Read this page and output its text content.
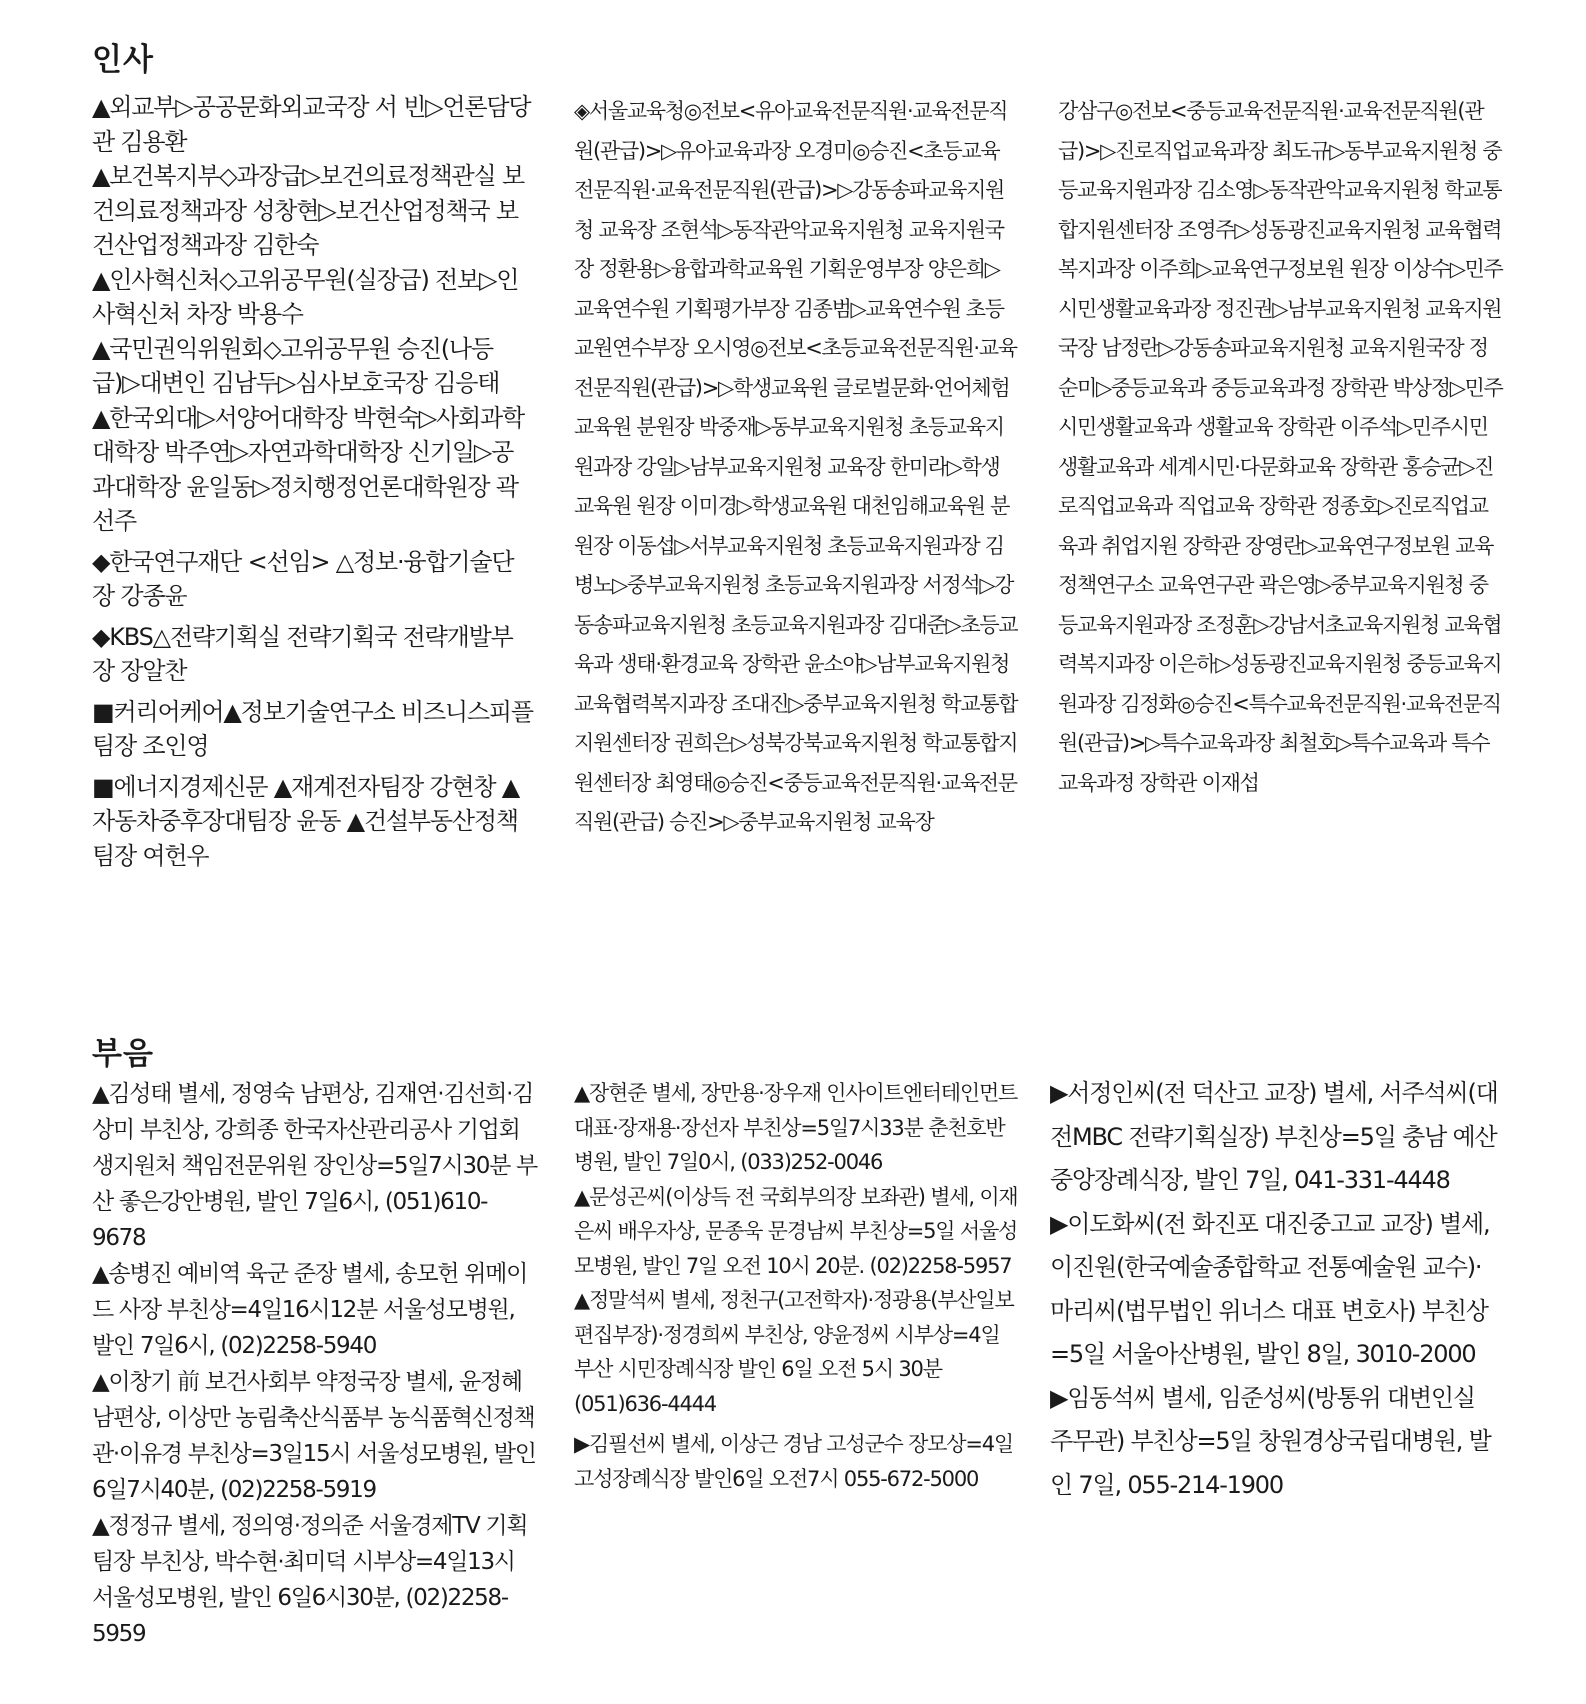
인사

▲외교부▷공공문화외교국장 서 빈▷언론담당관 김용환

▲보건복지부◇과장급▷보건의료정책관실 보건의료정책과장 성창현▷보건산업정책국 보건산업정책과장 김한숙

▲인사혁신처◇고위공무원(실장급) 전보▷인사혁신처 차장 박용수

▲국민권익위원회◇고위공무원 승진(나등급)▷대변인 김남두▷심사보호국장 김응태

▲한국외대▷서양어대학장 박현숙▷사회과학대학장 박주연▷자연과학대학장 신기일▷공과대학장 윤일동▷정치행정언론대학원장 곽선주

◆한국연구재단 <선임> △정보·융합기술단장 강종윤

◆KBS△전략기획실 전략기획국 전략개발부장 장알찬

■커리어케어▲정보기술연구소 비즈니스피플팀장 조인영

■에너지경제신문 ▲재계전자팀장 강현창 ▲자동차중후장대팀장 윤동 ▲건설부동산정책팀장 여헌우

◈서울교육청◎전보<유아교육전문직원·교육전문직원(관급)>▷유아교육과장 오경미◎승진<초등교육전문직원·교육전문직원(관급)>▷강동송파교육지원청 교육장 조현석▷동작관악교육지원청 교육지원국장 정환용▷융합과학교육원 기획운영부장 양은희▷교육연수원 기획평가부장 김종범▷교육연수원 초등교원연수부장 오시영◎전보<초등교육전문직원·교육전문직원(관급)>▷학생교육원 글로벌문화·언어체험교육원 분원장 박중재▷동부교육지원청 초등교육지원과장 강일▷남부교육지원청 교육장 한미라▷학생교육원 원장 이미경▷학생교육원 대천임해교육원 분원장 이동섭▷서부교육지원청 초등교육지원과장 김병노▷중부교육지원청 초등교육지원과장 서정석▷강동송파교육지원청 초등교육지원과장 김대준▷초등교육과 생태·환경교육 장학관 윤소야▷남부교육지원청 교육협력복지과장 조대진▷중부교육지원청 학교통합지원센터장 권희은▷성북강북교육지원청 학교통합지원센터장 최영태◎승진<중등교육전문직원·교육전문직원(관급) 승진>▷중부교육지원청 교육장

강삼구◎전보<중등교육전문직원·교육전문직원(관급)>▷진로직업교육과장 최도규▷동부교육지원청 중등교육지원과장 김소영▷동작관악교육지원청 학교통합지원센터장 조영주▷성동광진교육지원청 교육협력복지과장 이주희▷교육연구정보원 원장 이상수▷민주시민생활교육과장 정진권▷남부교육지원청 교육지원국장 남정란▷강동송파교육지원청 교육지원국장 정순미▷중등교육과 중등교육과정 장학관 박상정▷민주시민생활교육과 생활교육 장학관 이주석▷민주시민생활교육과 세계시민·다문화교육 장학관 홍승균▷진로직업교육과 직업교육 장학관 정종호▷진로직업교육과 취업지원 장학관 장영란▷교육연구정보원 교육정책연구소 교육연구관 곽은영▷중부교육지원청 중등교육지원과장 조정훈▷강남서초교육지원청 교육협력복지과장 이은하▷성동광진교육지원청 중등교육지원과장 김정화◎승진<특수교육전문직원·교육전문직원(관급)>▷특수교육과장 최철호▷특수교육과 특수교육과정 장학관 이재섭

부음

▲김성태 별세, 정영숙 남편상, 김재연·김선희·김상미 부친상, 강희종 한국자산관리공사 기업회생지원처 책임전문위원 장인상=5일7시30분 부산 좋은강안병원, 발인 7일6시, (051)610-9678

▲송병진 예비역 육군 준장 별세, 송모헌 위메이드 사장 부친상=4일16시12분 서울성모병원, 발인 7일6시, (02)2258-5940

▲이창기 前 보건사회부 약정국장 별세, 윤정혜 남편상, 이상만 농림축산식품부 농식품혁신정책관·이유경 부친상=3일15시 서울성모병원, 발인 6일7시40분, (02)2258-5919

▲정정규 별세, 정의영·정의준 서울경제TV 기획팀장 부친상, 박수현·최미덕 시부상=4일13시 서울성모병원, 발인 6일6시30분, (02)2258-5959

▲장현준 별세, 장만용·장우재 인사이트엔터테인먼트 대표·장재용·장선자 부친상=5일7시33분 춘천호반병원, 발인 7일0시, (033)252-0046

▲문성곤씨(이상득 전 국회부의장 보좌관) 별세, 이재은씨 배우자상, 문종욱 문경남씨 부친상=5일 서울성모병원, 발인 7일 오전 10시 20분. (02)2258-5957

▲정말석씨 별세, 정천구(고전학자)·정광용(부산일보 편집부장)·정경희씨 부친상, 양윤정씨 시부상=4일 부산 시민장례식장 발인 6일 오전 5시 30분 (051)636-4444

▶김필선씨 별세, 이상근 경남 고성군수 장모상=4일 고성장례식장 발인6일 오전7시 055-672-5000

▶서정인씨(전 덕산고 교장) 별세, 서주석씨(대전MBC 전략기획실장) 부친상=5일 충남 예산중앙장례식장, 발인 7일, 041-331-4448

▶이도화씨(전 화진포 대진중고교 교장) 별세, 이진원(한국예술종합학교 전통예술원 교수)·마리씨(법무법인 위너스 대표 변호사) 부친상=5일 서울아산병원, 발인 8일, 3010-2000

▶임동석씨 별세, 임준성씨(방통위 대변인실 주무관) 부친상=5일 창원경상국립대병원, 발인 7일, 055-214-1900
